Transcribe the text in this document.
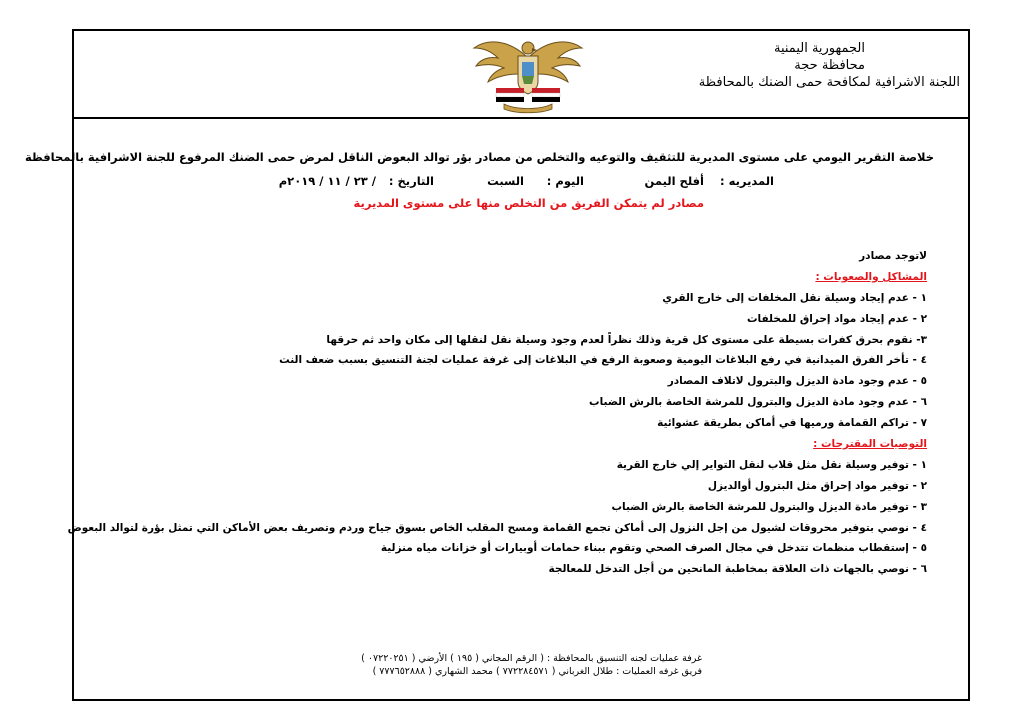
الجمهورية اليمنية
محافظة حجة
اللجنة الاشرافية لمكافحة حمى الضنك بالمحافظة
خلاصة التقرير اليومي على مستوى المديرية للتثقيف والتوعيه والتخلص من مصادر بؤر توالد البعوض الناقل لمرض حمى الضنك المرفوع للجنة الاشرافية بالمحافظة
المديريه :
أفلح اليمن
اليوم :
السبت
التاريخ :
/ ٢٣ / ١١ / ٢٠١٩م
مصادر لم يتمكن الفريق من التخلص منها على مستوى المديرية
لاتوجد مصادر
المشاكل والصعوبات :
١ - عدم إيجاد وسيلة نقل المخلفات إلى خارج القري
٢ - عدم إيجاد مواد إحراق للمخلفات
٣- نقوم بحرق كفرات بسيطة على مستوى كل قرية وذلك نظراً لعدم وجود وسيلة نقل لنقلها إلى مكان واحد ثم حرقها
٤ - تأخر الفرق الميدانية في رفع البلاغات اليومية وصعوبة الرفع في البلاغات إلى غرفة عمليات لجنة التنسيق بسبب ضعف النت
٥ - عدم وجود مادة الديزل والبترول لاتلاف المصادر
٦ - عدم وجود مادة الديزل والبترول للمرشة الخاصة بالرش الضباب
٧ - تراكم القمامة ورميها في أماكن بطريقة عشوائية
التوصيات المقترحات :
١ - توفير وسيلة نقل مثل قلاب لنقل التواير إلي خارج القرية
٢ - توفير مواد إحراق مثل البترول أوالديزل
٣ - توفير مادة الديزل والبترول للمرشة الخاصة بالرش الضباب
٤ - نوصي بتوفير محروقات لشيول من إجل النزول إلى أماكن تجمع القمامة ومسح المقلب الخاص بسوق جياح وردم وتصريف بعض الأماكن التي تمثل بؤرة لتوالد البعوض
٥ - إستقطاب منظمات تتدخل في مجال الصرف الصحي وتقوم ببناء حمامات أوبيارات أو خزانات مياه منزلية
٦ - نوصي بالجهات ذات العلاقة بمخاطبة المانحين من أجل التدخل للمعالجة
غرفة عمليات لجنه التنسيق بالمحافظة : ( الرقم المجاني ( ١٩٥ ) الأرضي ( ٠٧٢٢٠٢٥١ )
فريق غرفه العمليات : طلال الغرباني ( ٧٧٢٢٨٤٥٧١ ) محمد الشهاري ( ٧٧٧٦٥٢٨٨٨ )
